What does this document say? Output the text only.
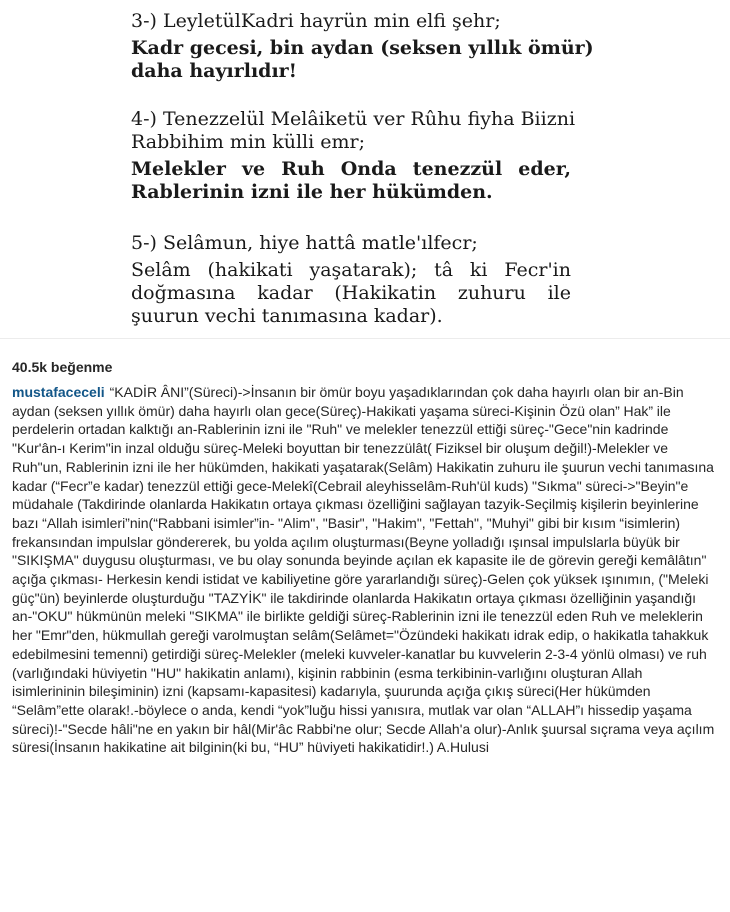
3-) LeyletülKadri hayrün min elfi şehr;
Kadr gecesi, bin aydan (seksen yıllık ömür)
daha hayırlıdır!
4-) Tenezzelül Melâiketü ver Rûhu fiyha Biizni
Rabbihim min külli emr;
Melekler ve Ruh Onda tenezzül eder,
Rablerinin izni ile her hükümden.
5-) Selâmun, hiye hattâ matle'ılfecr;
Selâm (hakikati yaşatarak); tâ ki Fecr'in
doğmasına kadar (Hakikatin zuhuru ile
şuurun vechi tanımasına kadar).
40.5k beğenme
mustafaceceli “KADİR ÂNI”(Süreci)->İnsanın bir ömür boyu yaşadıklarından çok daha hayırlı olan bir an-Bin aydan (seksen yıllık ömür) daha hayırlı olan gece(Süreç)-Hakikati yaşama süreci-Kişinin Özü olan” Hak” ile perdelerin ortadan kalktığı an-Rablerinin izni ile "Ruh" ve melekler tenezzül ettiği süreç-"Gece"nin kadrinde "Kur'ân-ı Kerim"in inzal olduğu süreç-Meleki boyuttan bir tenezzülât( Fiziksel bir oluşum değil!)-Melekler ve Ruh"un, Rablerinin izni ile her hükümden, hakikati yaşatarak(Selâm) Hakikatin zuhuru ile şuurun vechi tanımasına kadar (“Fecr”e kadar) tenezzül ettiği gece-Melekî(Cebrail aleyhisselâm-Ruh'ül kuds) "Sıkma" süreci->"Beyin"e müdahale (Takdirinde olanlarda Hakikatın ortaya çıkması özelliğini sağlayan tazyik-Seçilmiş kişilerin beyinlerine bazı “Allah isimleri”nin(“Rabbani isimler”in- "Alim", "Basir", "Hakim", "Fettah", "Muhyi" gibi bir kısım “isimlerin) frekansından impulslar göndererek, bu yolda açılım oluşturması(Beyne yolladığı ışınsal impulslarla büyük bir "SIKIŞMA" duygusu oluşturması, ve bu olay sonunda beyinde açılan ek kapasite ile de görevin gereği kemâlâtın" açığa çıkması- Herkesin kendi istidat ve kabiliyetine göre yararlandığı süreç)-Gelen çok yüksek ışınımın, ("Meleki güç"ün) beyinlerde oluşturduğu "TAZYİK" ile takdirinde olanlarda Hakikatın ortaya çıkması özelliğinin yaşandığı an-"OKU" hükmünün meleki "SIKMA" ile birlikte geldiği süreç-Rablerinin izni ile tenezzül eden Ruh ve meleklerin her "Emr"den, hükmullah gereği varolmuştan selâm(Selâmet="Özündeki hakikatı idrak edip, o hakikatla tahakkuk edebilmesini temenni) getirdiği süreç-Melekler (meleki kuvveler-kanatlar bu kuvvelerin 2-3-4 yönlü olması) ve ruh (varlığındaki hüviyetin "HU" hakikatin anlamı), kişinin rabbinin (esma terkibinin-varlığını oluşturan Allah isimlerininin bileşiminin) izni (kapsamı-kapasitesi) kadarıyla, şuurunda açığa çıkış süreci(Her hükümden “Selâm”ette olarak!.-böylece o anda, kendi “yok”luğu hissi yanısıra, mutlak var olan “ALLAH”ı hissedip yaşama süreci)!-"Secde hâli"ne en yakın bir hâl(Mir'âc Rabbi'ne olur; Secde Allah'a olur)-Anlık şuursal sıçrama veya açılım süresi(İnsanın hakikatine ait bilginin(ki bu, “HU” hüviyeti hakikatidir!.) A.Hulusi
